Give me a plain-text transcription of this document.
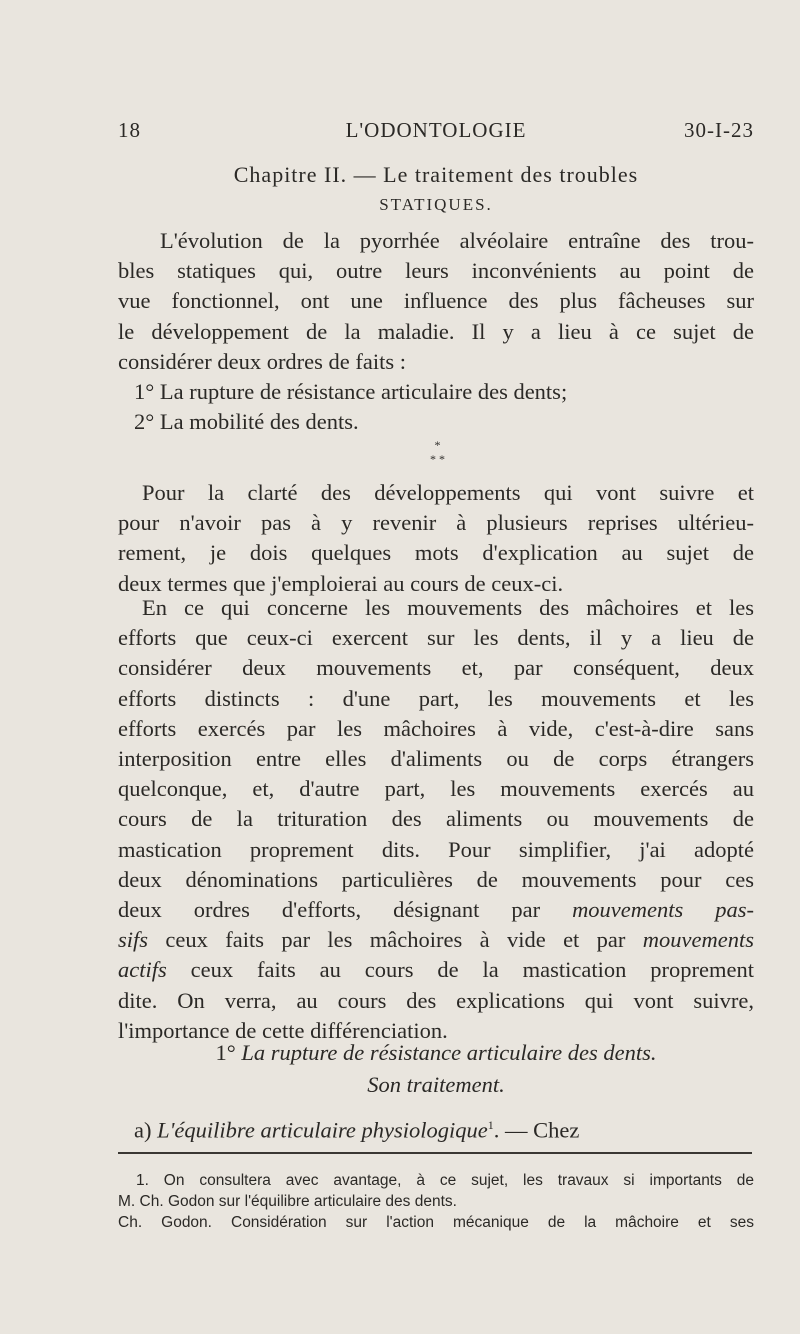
18	L'ODONTOLOGIE	30-I-23
Chapitre II. — Le traitement des troubles
STATIQUES.

L'évolution de la pyorrhée alvéolaire entraîne des trou-
bles statiques qui, outre leurs inconvénients au point de
vue fonctionnel, ont une influence des plus fâcheuses sur
le développement de la maladie. Il y a lieu à ce sujet de
considérer deux ordres de faits :

1° La rupture de résistance articulaire des dents;
2° La mobilité des dents.

*
* *

Pour la clarté des développements qui vont suivre et
pour n'avoir pas à y revenir à plusieurs reprises ultérieu-
rement, je dois quelques mots d'explication au sujet de
deux termes que j'emploierai au cours de ceux-ci.

En ce qui concerne les mouvements des mâchoires et les
efforts que ceux-ci exercent sur les dents, il y a lieu de
considérer deux mouvements et, par conséquent, deux
efforts distincts : d'une part, les mouvements et les
efforts exercés par les mâchoires à vide, c'est-à-dire sans
interposition entre elles d'aliments ou de corps étrangers
quelconque, et, d'autre part, les mouvements exercés au
cours de la trituration des aliments ou mouvements de
mastication proprement dits. Pour simplifier, j'ai adopté
deux dénominations particulières de mouvements pour ces
deux ordres d'efforts, désignant par mouvements pas-
sifs ceux faits par les mâchoires à vide et par mouvements
actifs ceux faits au cours de la mastication proprement
dite. On verra, au cours des explications qui vont suivre,
l'importance de cette différenciation.

1° La rupture de résistance articulaire des dents.
Son traitement.
a) L'équilibre articulaire physiologique$^1$. — Chez

1. On consultera avec avantage, à ce sujet, les travaux si importants de
M. Ch. Godon sur l'équilibre articulaire des dents.
Ch. Godon. Considération sur l'action mécanique de la mâchoire et ses
